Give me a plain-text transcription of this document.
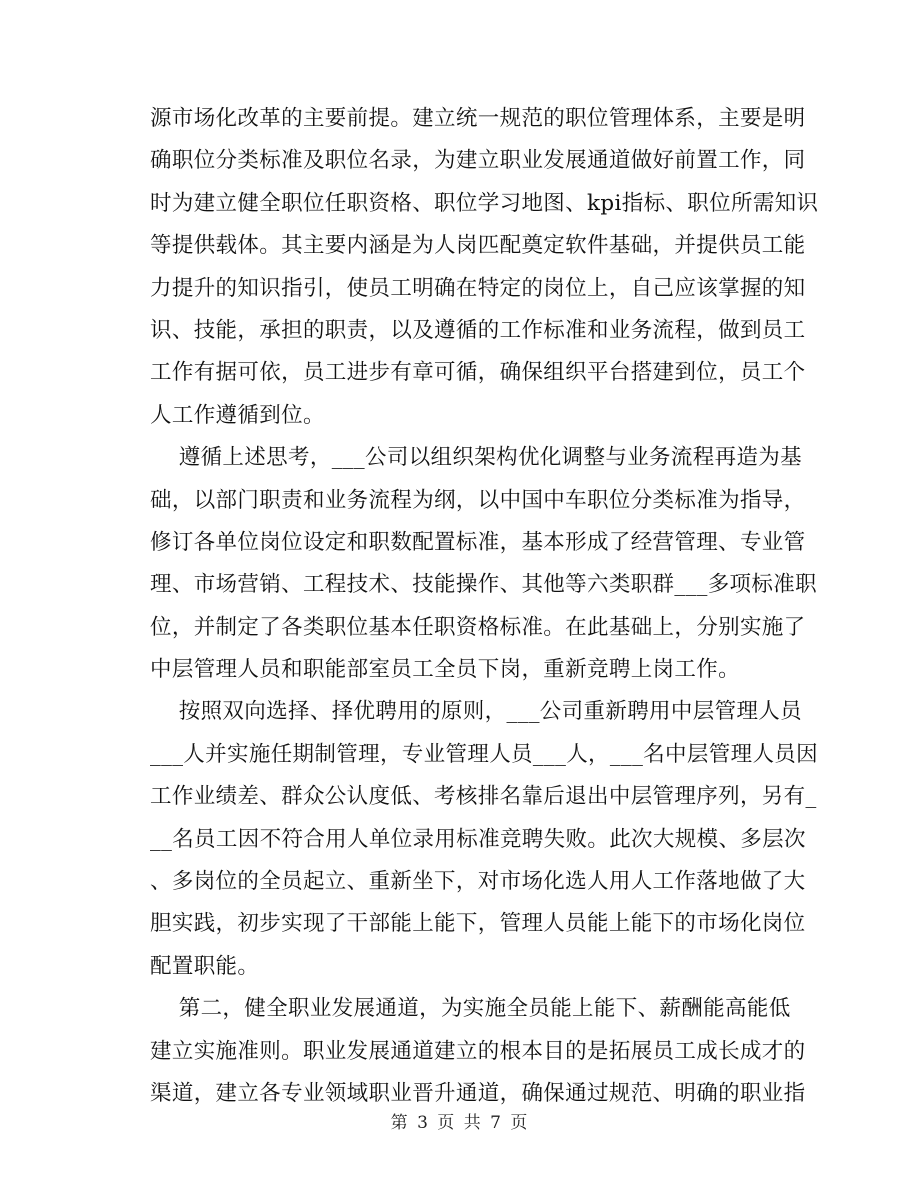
源市场化改革的主要前提。建立统一规范的职位管理体系，主要是明
确职位分类标准及职位名录，为建立职业发展通道做好前置工作，同
时为建立健全职位任职资格、职位学习地图、kpi指标、职位所需知识
等提供载体。其主要内涵是为人岗匹配奠定软件基础，并提供员工能
力提升的知识指引，使员工明确在特定的岗位上，自己应该掌握的知
识、技能，承担的职责，以及遵循的工作标准和业务流程，做到员工
工作有据可依，员工进步有章可循，确保组织平台搭建到位，员工个
人工作遵循到位。
遵循上述思考，___公司以组织架构优化调整与业务流程再造为基
础，以部门职责和业务流程为纲，以中国中车职位分类标准为指导，
修订各单位岗位设定和职数配置标准，基本形成了经营管理、专业管
理、市场营销、工程技术、技能操作、其他等六类职群___多项标准职
位，并制定了各类职位基本任职资格标准。在此基础上，分别实施了
中层管理人员和职能部室员工全员下岗，重新竞聘上岗工作。
按照双向选择、择优聘用的原则，___公司重新聘用中层管理人员
___人并实施任期制管理，专业管理人员___人，___名中层管理人员因
工作业绩差、群众公认度低、考核排名靠后退出中层管理序列，另有_
__名员工因不符合用人单位录用标准竞聘失败。此次大规模、多层次
、多岗位的全员起立、重新坐下，对市场化选人用人工作落地做了大
胆实践，初步实现了干部能上能下，管理人员能上能下的市场化岗位
配置职能。
第二，健全职业发展通道，为实施全员能上能下、薪酬能高能低
建立实施准则。职业发展通道建立的根本目的是拓展员工成长成才的
渠道，建立各专业领域职业晋升通道，确保通过规范、明确的职业指
第 3 页 共 7 页
